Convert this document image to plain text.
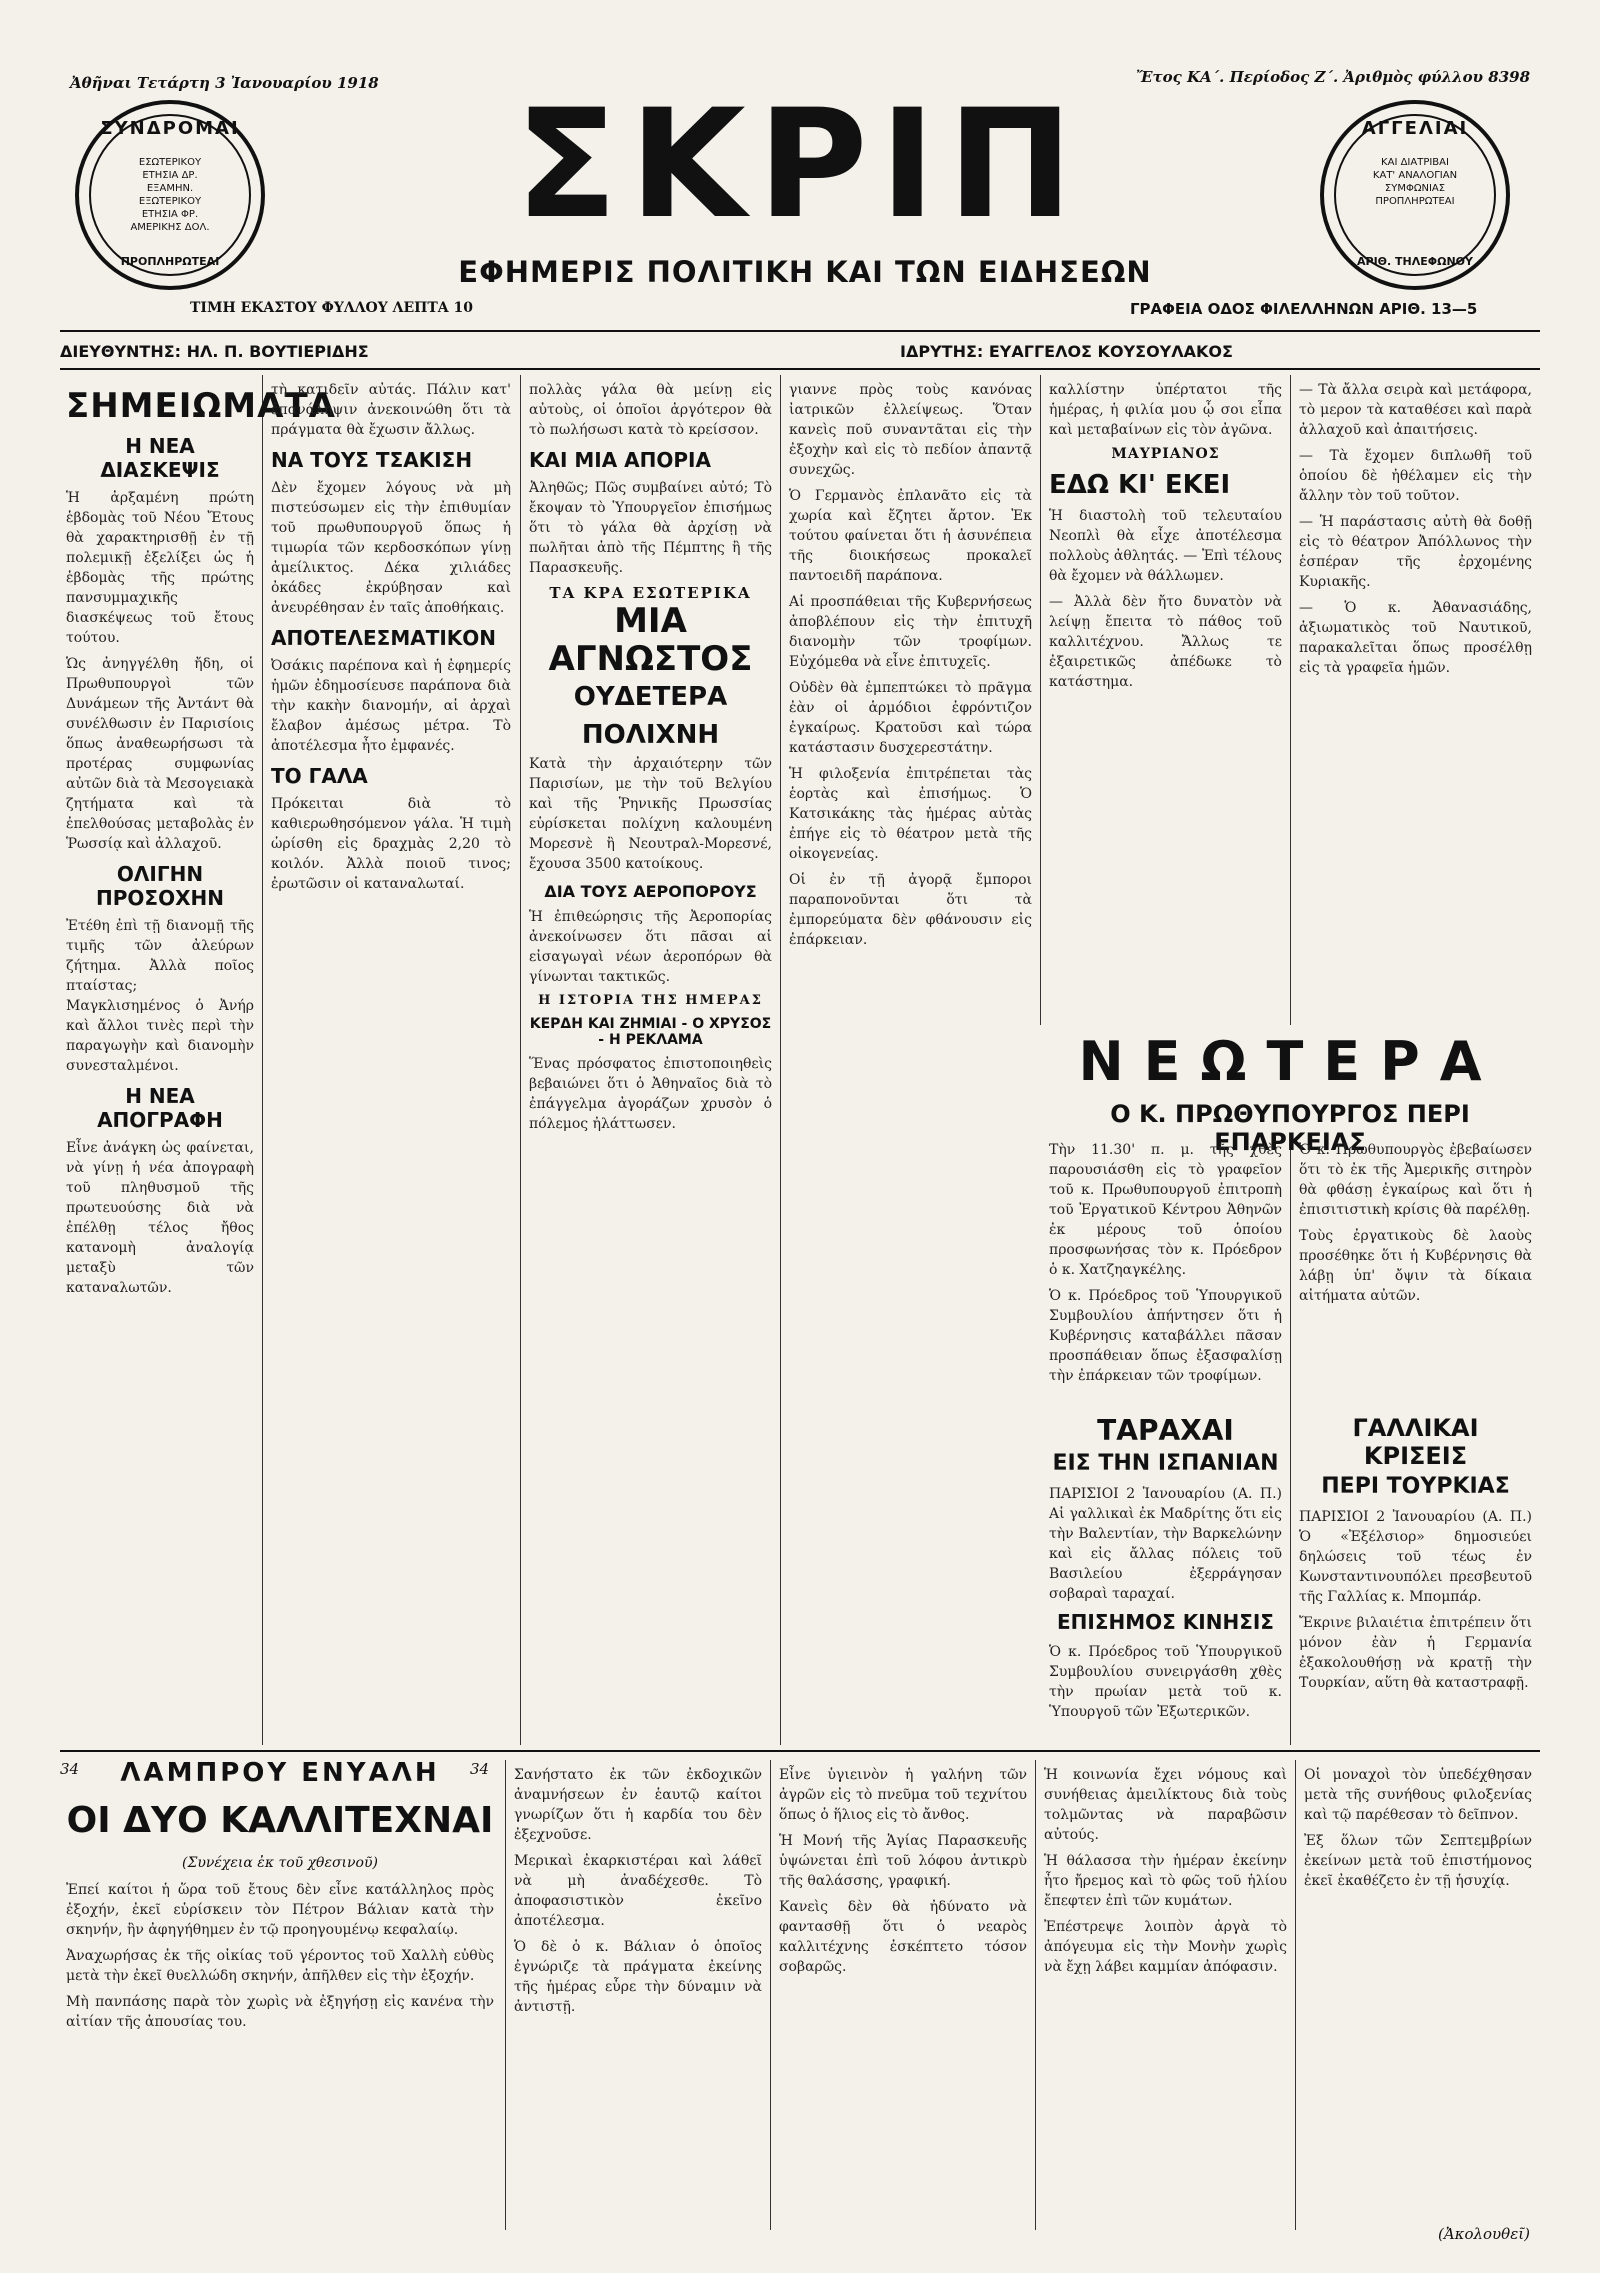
Ἀθῆναι Τετάρτη 3 Ἰανουαρίου 1918	Ἔτος ΚΑ΄. Περίοδος Ζ΄. Ἀριθμὸς φύλλου 8398
ΣΥΝΔΡΟΜΑΙ
ΕΣΩΤΕΡΙΚΟΥ
ΕΤΗΣΙΑ ΔΡ.
ΕΞΑΜΗΝ.
ΕΞΩΤΕΡΙΚΟΥ
ΕΤΗΣΙΑ ΦΡ.
ΑΜΕΡΙΚΗΣ ΔΟΛ.
ΠΡΟΠΛΗΡΩΤΕΑΙ
ΣΚΡΙΠ
ΕΦΗΜΕΡΙΣ ΠΟΛΙΤΙΚΗ ΚΑΙ ΤΩΝ ΕΙΔΗΣΕΩΝ
ΑΓΓΕΛΙΑΙ
ΚΑΙ ΔΙΑΤΡΙΒΑΙ
ΚΑΤ' ΑΝΑΛΟΓΙΑΝ
ΣΥΜΦΩΝΙΑΣ
ΠΡΟΠΛΗΡΩΤΕΑΙ
ΑΡΙΘ. ΤΗΛΕΦΩΝΟΥ
ΤΙΜΗ ΕΚΑΣΤΟΥ ΦΥΛΛΟΥ ΛΕΠΤΑ 10	ΓΡΑΦΕΙΑ ΟΔΟΣ ΦΙΛΕΛΛΗΝΩΝ ΑΡΙΘ. 13—5
ΔΙΕΥΘΥΝΤΗΣ: ΗΛ. Π. ΒΟΥΤΙΕΡΙΔΗΣ	ΙΔΡΥΤΗΣ: ΕΥΑΓΓΕΛΟΣ ΚΟΥΣΟΥΛΑΚΟΣ
ΣΗΜΕΙΩΜΑΤΑ
Η ΝΕΑ ΔΙΑΣΚΕΨΙΣ

Ἡ ἀρξαμένη πρώτη ἑβδομὰς τοῦ Νέου Ἔτους θὰ χαρακτηρισθῇ ἐν τῇ πολεμικῇ ἐξελίξει ὡς ἡ ἑβδομὰς τῆς πρώτης πανσυμμαχικῆς διασκέψεως τοῦ ἔτους τούτου.

Ὡς ἀνηγγέλθη ἤδη, οἱ Πρωθυπουργοὶ τῶν Δυνάμεων τῆς Ἀντάντ θὰ συνέλθωσιν ἐν Παρισίοις ὅπως ἀναθεωρήσωσι τὰ προτέρας συμφωνίας αὐτῶν διὰ τὰ Μεσογειακὰ ζητήματα καὶ τὰ ἐπελθούσας μεταβολὰς ἐν Ῥωσσίᾳ καὶ ἀλλαχοῦ.

ΟΛΙΓΗΝ ΠΡΟΣΟΧΗΝ

Ἐτέθη ἐπὶ τῇ διανομῇ τῆς τιμῆς τῶν ἀλεύρων ζήτημα. Ἀλλὰ ποῖος πταίστας; Μαγκλισημένος ὁ Ἀνήρ καὶ ἄλλοι τινὲς περὶ τὴν παραγωγὴν καὶ διανομὴν συνεσταλμένοι.

Η ΝΕΑ ΑΠΟΓΡΑΦΗ

Εἶνε ἀνάγκη ὡς φαίνεται, νὰ γίνῃ ἡ νέα ἀπογραφὴ τοῦ πληθυσμοῦ τῆς πρωτευούσης διὰ νὰ ἐπέλθῃ τέλος ἤθος κατανομὴ ἀναλογίᾳ μεταξὺ τῶν καταναλωτῶν.

τὴ κατιδεῖν αὐτάς. Πάλιν κατ' ἐπανάληψιν ἀνεκοινώθη ὅτι τὰ πράγματα θὰ ἔχωσιν ἄλλως.

ΝΑ ΤΟΥΣ ΤΣΑΚΙΣΗ

Δὲν ἔχομεν λόγους νὰ μὴ πιστεύσωμεν εἰς τὴν ἐπιθυμίαν τοῦ πρωθυπουργοῦ ὅπως ἡ τιμωρία τῶν κερδοσκόπων γίνῃ ἀμείλικτος. Δέκα χιλιάδες ὀκάδες ἐκρύβησαν καὶ ἀνευρέθησαν ἐν ταῖς ἀποθήκαις.

ΑΠΟΤΕΛΕΣΜΑΤΙΚΟΝ

Ὀσάκις παρέπονα καὶ ἡ ἐφημερίς ἡμῶν ἐδημοσίευσε παράπονα διὰ τὴν κακὴν διανομήν, αἱ ἀρχαὶ ἔλαβον ἀμέσως μέτρα. Τὸ ἀποτέλεσμα ἦτο ἐμφανές.

ΤΟ ΓΑΛΑ

Πρόκειται διὰ τὸ καθιερωθησόμενον γάλα. Ἡ τιμὴ ὡρίσθη εἰς δραχμὰς 2,20 τὸ κοιλόν. Ἀλλὰ ποιοῦ τινος; ἐρωτῶσιν οἱ καταναλωταί.

πολλὰς γάλα θὰ μείνῃ εἰς αὐτοὺς, οἱ ὁποῖοι ἀργότερον θὰ τὸ πωλήσωσι κατὰ τὸ κρείσσον.

ΚΑΙ ΜΙΑ ΑΠΟΡΙΑ

Ἀληθῶς; Πῶς συμβαίνει αὐτό; Τὸ ἔκοψαν τὸ Ὑπουργεῖον ἐπισήμως ὅτι τὸ γάλα θὰ ἀρχίσῃ νὰ πωλῆται ἀπὸ τῆς Πέμπτης ἢ τῆς Παρασκευῆς.

ΤΑ ΚΡΑ ΕΣΩΤΕΡΙΚΑ
ΜΙΑ ΑΓΝΩΣΤΟΣ
ΟΥΔΕΤΕΡΑ ΠΟΛΙΧΝΗ

Κατὰ τὴν ἀρχαιότερην τῶν Παρισίων, με τὴν τοῦ Βελγίου καὶ τῆς Ῥηνικῆς Πρωσσίας εὑρίσκεται πολίχνη καλουμένη Μορεσνὲ ἢ Νεουτραλ-Μορεσνέ, ἔχουσα 3500 κατοίκους.

ΔΙΑ ΤΟΥΣ ΑΕΡΟΠΟΡΟΥΣ

Ἡ ἐπιθεώρησις τῆς Ἀεροπορίας ἀνεκοίνωσεν ὅτι πᾶσαι αἱ εἰσαγωγαὶ νέων ἀεροπόρων θὰ γίνωνται τακτικῶς.

Η ΙΣΤΟΡΙΑ ΤΗΣ ΗΜΕΡΑΣ
ΚΕΡΔΗ ΚΑΙ ΖΗΜΙΑΙ - Ο ΧΡΥΣΟΣ - Η ΡΕΚΛΑΜΑ

Ἕνας πρόσφατος ἐπιστοποιηθεὶς βεβαιώνει ὅτι ὁ Ἀθηναῖος διὰ τὸ ἐπάγγελμα ἀγοράζων χρυσὸν ὁ πόλεμος ἠλάττωσεν.

γιαννε πρὸς τοὺς κανόνας ἰατρικῶν ἐλλείψεως. Ὅταν κανεὶς ποῦ συναντᾶται εἰς τὴν ἐξοχὴν καὶ εἰς τὸ πεδίον ἀπαντᾷ συνεχῶς.

Ὁ Γερμανὸς ἐπλανᾶτο εἰς τὰ χωρία καὶ ἔζητει ἄρτον. Ἐκ τούτου φαίνεται ὅτι ἡ ἀσυνέπεια τῆς διοικήσεως προκαλεῖ παντοειδῆ παράπονα.

Αἱ προσπάθειαι τῆς Κυβερνήσεως ἀποβλέπουν εἰς τὴν ἐπιτυχῆ διανομὴν τῶν τροφίμων. Εὐχόμεθα νὰ εἶνε ἐπιτυχεῖς.

Οὐδὲν θὰ ἐμπεπτώκει τὸ πρᾶγμα ἐὰν οἱ ἁρμόδιοι ἐφρόντιζον ἐγκαίρως. Κρατοῦσι καὶ τώρα κατάστασιν δυσχερεστάτην.

Ἡ φιλοξενία ἐπιτρέπεται τὰς ἑορτὰς καὶ ἐπισήμως. Ὁ Κατσικάκης τὰς ἡμέρας αὐτὰς ἐπήγε εἰς τὸ θέατρον μετὰ τῆς οἰκογενείας.

Οἱ ἐν τῇ ἀγορᾷ ἔμποροι παραπονοῦνται ὅτι τὰ ἐμπορεύματα δὲν φθάνουσιν εἰς ἐπάρκειαν.

καλλίστην ὑπέρτατοι τῆς ἡμέρας, ἡ φιλία μου ᾧ σοι εἶπα καὶ μεταβαίνων εἰς τὸν ἀγῶνα.

ΜΑΥΡΙΑΝΟΣ
ΕΔΩ ΚΙ' ΕΚΕΙ

Ἡ διαστολὴ τοῦ τελευταίου Νεοπλὶ θὰ εἶχε ἀποτέλεσμα πολλοὺς ἀθλητάς. — Ἐπὶ τέλους θὰ ἔχομεν νὰ θάλλωμεν.

— Ἀλλὰ δὲν ἤτο δυνατὸν νὰ λείψῃ ἔπειτα τὸ πάθος τοῦ καλλιτέχνου. Ἄλλως τε ἐξαιρετικῶς ἀπέδωκε τὸ κατάστημα.

— Τὰ ἄλλα σειρὰ καὶ μετάφορα, τὸ μερον τὰ καταθέσει καὶ παρὰ ἀλλαχοῦ καὶ ἀπαιτήσεις.

— Τὰ ἔχομεν διπλωθῆ τοῦ ὁποίου δὲ ἠθέλαμεν εἰς τὴν ἄλλην τὸν τοῦ τοῦτον.

— Ἡ παράστασις αὐτὴ θὰ δοθῇ εἰς τὸ θέατρον Ἀπόλλωνος τὴν ἑσπέραν τῆς ἐρχομένης Κυριακῆς.

— Ὁ κ. Ἀθανασιάδης, ἀξιωματικὸς τοῦ Ναυτικοῦ, παρακαλεῖται ὅπως προσέλθῃ εἰς τὰ γραφεῖα ἡμῶν.

ΝΕΩΤΕΡΑ
Ο Κ. ΠΡΩΘΥΠΟΥΡΓΟΣ ΠΕΡΙ ΕΠΑΡΚΕΙΑΣ

Τὴν 11.30' π. μ. τῆς χθὲς παρουσιάσθη εἰς τὸ γραφεῖον τοῦ κ. Πρωθυπουργοῦ ἐπιτροπὴ τοῦ Ἐργατικοῦ Κέντρου Ἀθηνῶν ἐκ μέρους τοῦ ὁποίου προσφωνήσας τὸν κ. Πρόεδρον ὁ κ. Χατζηαγκέλης.

Ὁ κ. Πρόεδρος τοῦ Ὑπουργικοῦ Συμβουλίου ἀπήντησεν ὅτι ἡ Κυβέρνησις καταβάλλει πᾶσαν προσπάθειαν ὅπως ἐξασφαλίσῃ τὴν ἐπάρκειαν τῶν τροφίμων.

Ὁ κ. Πρωθυπουργὸς ἐβεβαίωσεν ὅτι τὸ ἐκ τῆς Ἀμερικῆς σιτηρὸν θὰ φθάσῃ ἐγκαίρως καὶ ὅτι ἡ ἐπισιτιστικὴ κρίσις θὰ παρέλθῃ.

Τοὺς ἐργατικοὺς δὲ λαοὺς προσέθηκε ὅτι ἡ Κυβέρνησις θὰ λάβῃ ὑπ' ὄψιν τὰ δίκαια αἰτήματα αὐτῶν.

ΤΑΡΑΧΑΙ
ΕΙΣ ΤΗΝ ΙΣΠΑΝΙΑΝ

ΠΑΡΙΣΙΟΙ 2 Ἰανουαρίου (Α. Π.) Αἱ γαλλικαὶ ἐκ Μαδρίτης ὅτι εἰς τὴν Βαλεντίαν, τὴν Βαρκελώνην καὶ εἰς ἄλλας πόλεις τοῦ Βασιλείου ἐξερράγησαν σοβαραὶ ταραχαί.

ΕΠΙΣΗΜΟΣ ΚΙΝΗΣΙΣ

Ὁ κ. Πρόεδρος τοῦ Ὑπουργικοῦ Συμβουλίου συνειργάσθη χθὲς τὴν πρωίαν μετὰ τοῦ κ. Ὑπουργοῦ τῶν Ἐξωτερικῶν.

ΓΑΛΛΙΚΑΙ ΚΡΙΣΕΙΣ
ΠΕΡΙ ΤΟΥΡΚΙΑΣ

ΠΑΡΙΣΙΟΙ 2 Ἰανουαρίου (Α. Π.) Ὁ «Ἐξέλσιορ» δημοσιεύει δηλώσεις τοῦ τέως ἐν Κωνσταντινουπόλει πρεσβευτοῦ τῆς Γαλλίας κ. Μπομπάρ.

Ἔκρινε βιλαιέτια ἐπιτρέπειν ὅτι μόνον ἐὰν ἡ Γερμανία ἐξακολουθήσῃ νὰ κρατῇ τὴν Τουρκίαν, αὕτη θὰ καταστραφῇ.

34	ΛΑΜΠΡΟΥ ΕΝΥΑΛΗ	34
ΟΙ ΔΥΟ ΚΑΛΛΙΤΕΧΝΑΙ
(Συνέχεια ἐκ τοῦ χθεσινοῦ)

Ἐπεί καίτοι ἡ ὥρα τοῦ ἔτους δὲν εἶνε κατάλληλος πρὸς ἐξοχήν, ἐκεῖ εὑρίσκειν τὸν Πέτρον Βάλιαν κατὰ τὴν σκηνήν, ἣν ἀφηγήθημεν ἐν τῷ προηγουμένῳ κεφαλαίῳ.

Ἀναχωρήσας ἐκ τῆς οἰκίας τοῦ γέροντος τοῦ Χαλλὴ εὐθὺς μετὰ τὴν ἐκεῖ θυελλώδη σκηνήν, ἀπῆλθεν εἰς τὴν ἐξοχήν.

Μὴ πανπάσης παρὰ τὸν χωρὶς νὰ ἐξηγήσῃ εἰς κανένα τὴν αἰτίαν τῆς ἀπουσίας του.

Σανήστατο ἐκ τῶν ἐκδοχικῶν ἀναμνήσεων ἐν ἑαυτῷ καίτοι γνωρίζων ὅτι ἡ καρδία του δὲν ἐξεχνοῦσε.

Μερικαὶ ἐκαρκιστέραι καὶ λάθεῖ νὰ μὴ ἀναδέχεσθε. Τὸ ἀποφασιστικὸν ἐκεῖνο ἀποτέλεσμα.

Ὁ δὲ ὁ κ. Βάλιαν ὁ ὁποῖος ἐγνώριζε τὰ πράγματα ἐκείνης τῆς ἡμέρας εὗρε τὴν δύναμιν νὰ ἀντιστῇ.

Εἶνε ὑγιεινὸν ἡ γαλήνη τῶν ἀγρῶν εἰς τὸ πνεῦμα τοῦ τεχνίτου ὅπως ὁ ἥλιος εἰς τὸ ἄνθος.

Ἡ Μονή τῆς Ἁγίας Παρασκευῆς ὑψώνεται ἐπὶ τοῦ λόφου ἀντικρὺ τῆς θαλάσσης, γραφική.

Κανεὶς δὲν θὰ ἠδύνατο νὰ φαντασθῇ ὅτι ὁ νεαρὸς καλλιτέχνης ἐσκέπτετο τόσον σοβαρῶς.

Ἡ κοινωνία ἔχει νόμους καὶ συνήθειας ἀμειλίκτους διὰ τοὺς τολμῶντας νὰ παραβῶσιν αὐτούς.

Ἡ θάλασσα τὴν ἡμέραν ἐκείνην ἦτο ἤρεμος καὶ τὸ φῶς τοῦ ἡλίου ἔπεφτεν ἐπὶ τῶν κυμάτων.

Ἐπέστρεψε λοιπὸν ἀργὰ τὸ ἀπόγευμα εἰς τὴν Μονὴν χωρὶς νὰ ἔχῃ λάβει καμμίαν ἀπόφασιν.

Οἱ μοναχοὶ τὸν ὑπεδέχθησαν μετὰ τῆς συνήθους φιλοξενίας καὶ τῷ παρέθεσαν τὸ δεῖπνον.

Ἐξ ὅλων τῶν Σεπτεμβρίων ἐκείνων μετὰ τοῦ ἐπιστήμονος ἐκεῖ ἐκαθέζετο ἐν τῇ ἡσυχίᾳ.

(Ἀκολουθεῖ)
